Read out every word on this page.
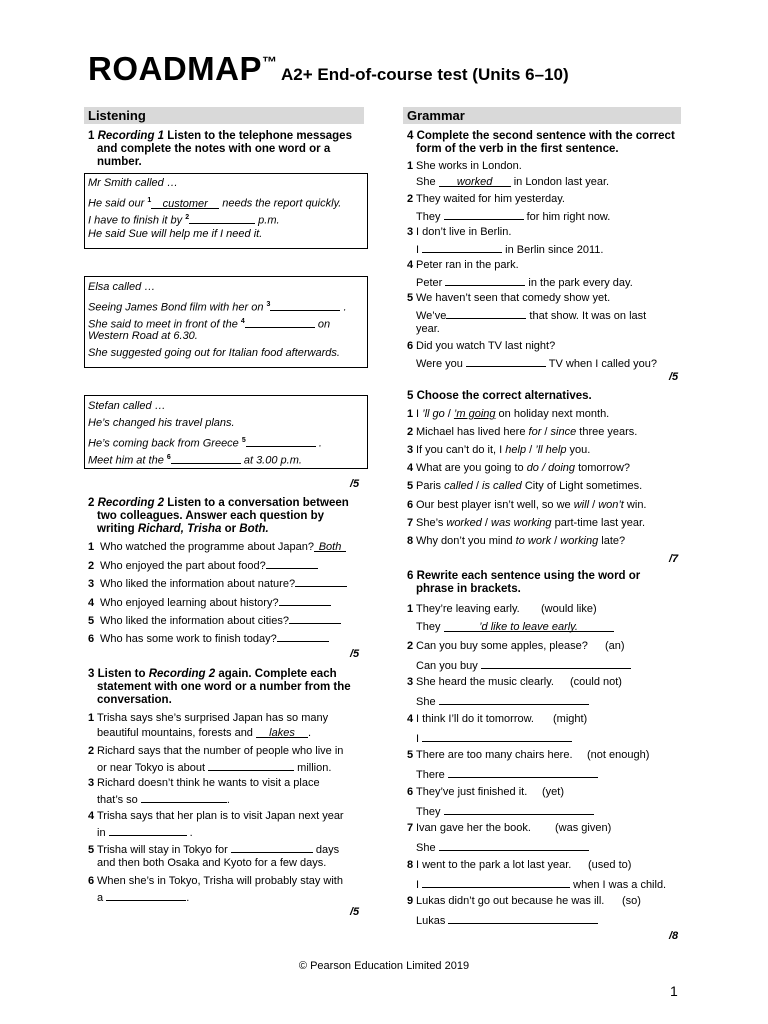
ROADMAP ™
A2+ End-of-course test (Units 6–10)
Listening
1 Recording 1 Listen to the telephone messages
and complete the notes with one word or a
number.
Mr Smith called …
He said our $^1$ customer needs the report quickly.
I have to finish it by $^2$	p.m.
He said Sue will help me if I need it.
Elsa called …
Seeing James Bond film with her on $^3$	.
She said to meet in front of the $^4$	on
Western Road at 6.30.
She suggested going out for Italian food afterwards.
Stefan called …
He’s changed his travel plans.
He’s coming back from Greece $^5$	.
Meet him at the $^6$	at 3.00 p.m.
/5
2 Recording 2 Listen to a conversation between
two colleagues. Answer each question by
writing Richard, Trisha or Both.
/5
3 Listen to Recording 2 again. Complete each
statement with one word or a number from the
conversation.
/5
Grammar
4 Complete the second sentence with the correct
form of the verb in the first sentence.
/5
5 Choose the correct alternatives.
/7
6 Rewrite each sentence using the word or
phrase in brackets.
/8
© Pearson Education Limited 2019
1
1 Who watched the programme about Japan? Both
2 Who enjoyed the part about food?
3 Who liked the information about nature?
4 Who enjoyed learning about history?
5 Who liked the information about cities?
6 Who has some work to finish today?
1 Trisha says she’s surprised Japan has so many
beautiful mountains, forests and lakes .
2 Richard says that the number of people who live in
or near Tokyo is about	million.
3 Richard doesn’t think he wants to visit a place
that’s so	.
4 Trisha says that her plan is to visit Japan next year
in	.
5 Trisha will stay in Tokyo for	days
and then both Osaka and Kyoto for a few days.
6 When she’s in Tokyo, Trisha will probably stay with
a	.
1 She works in London.
She worked in London last year.
2 They waited for him yesterday.
They	for him right now.
3 I don’t live in Berlin.
I	in Berlin since 2011.
4 Peter ran in the park.
Peter	in the park every day.
5 We haven’t seen that comedy show yet.
We’ve	that show. It was on last
year.
6 Did you watch TV last night?
Were you	TV when I called you?
1 I ’ll go / ’m going on holiday next month.
2 Michael has lived here for / since three years.
3 If you can’t do it, I help / ’ll help you.
4 What are you going to do / doing tomorrow?
5 Paris called / is called City of Light sometimes.
6 Our best player isn’t well, so we will / won’t win.
7 She’s worked / was working part-time last year.
8 Why don’t you mind to work / working late?
1 They’re leaving early. (would like)
They	’d like to leave early.
2 Can you buy some apples, please? (an)
Can you buy
3 She heard the music clearly. (could not)
She
4 I think I’ll do it tomorrow. (might)
I
5 There are too many chairs here. (not enough)
There
6 They’ve just finished it. (yet)
They
7 Ivan gave her the book. (was given)
She
8 I went to the park a lot last year. (used to)
I	when I was a child.
9 Lukas didn’t go out because he was ill. (so)
Lukas
